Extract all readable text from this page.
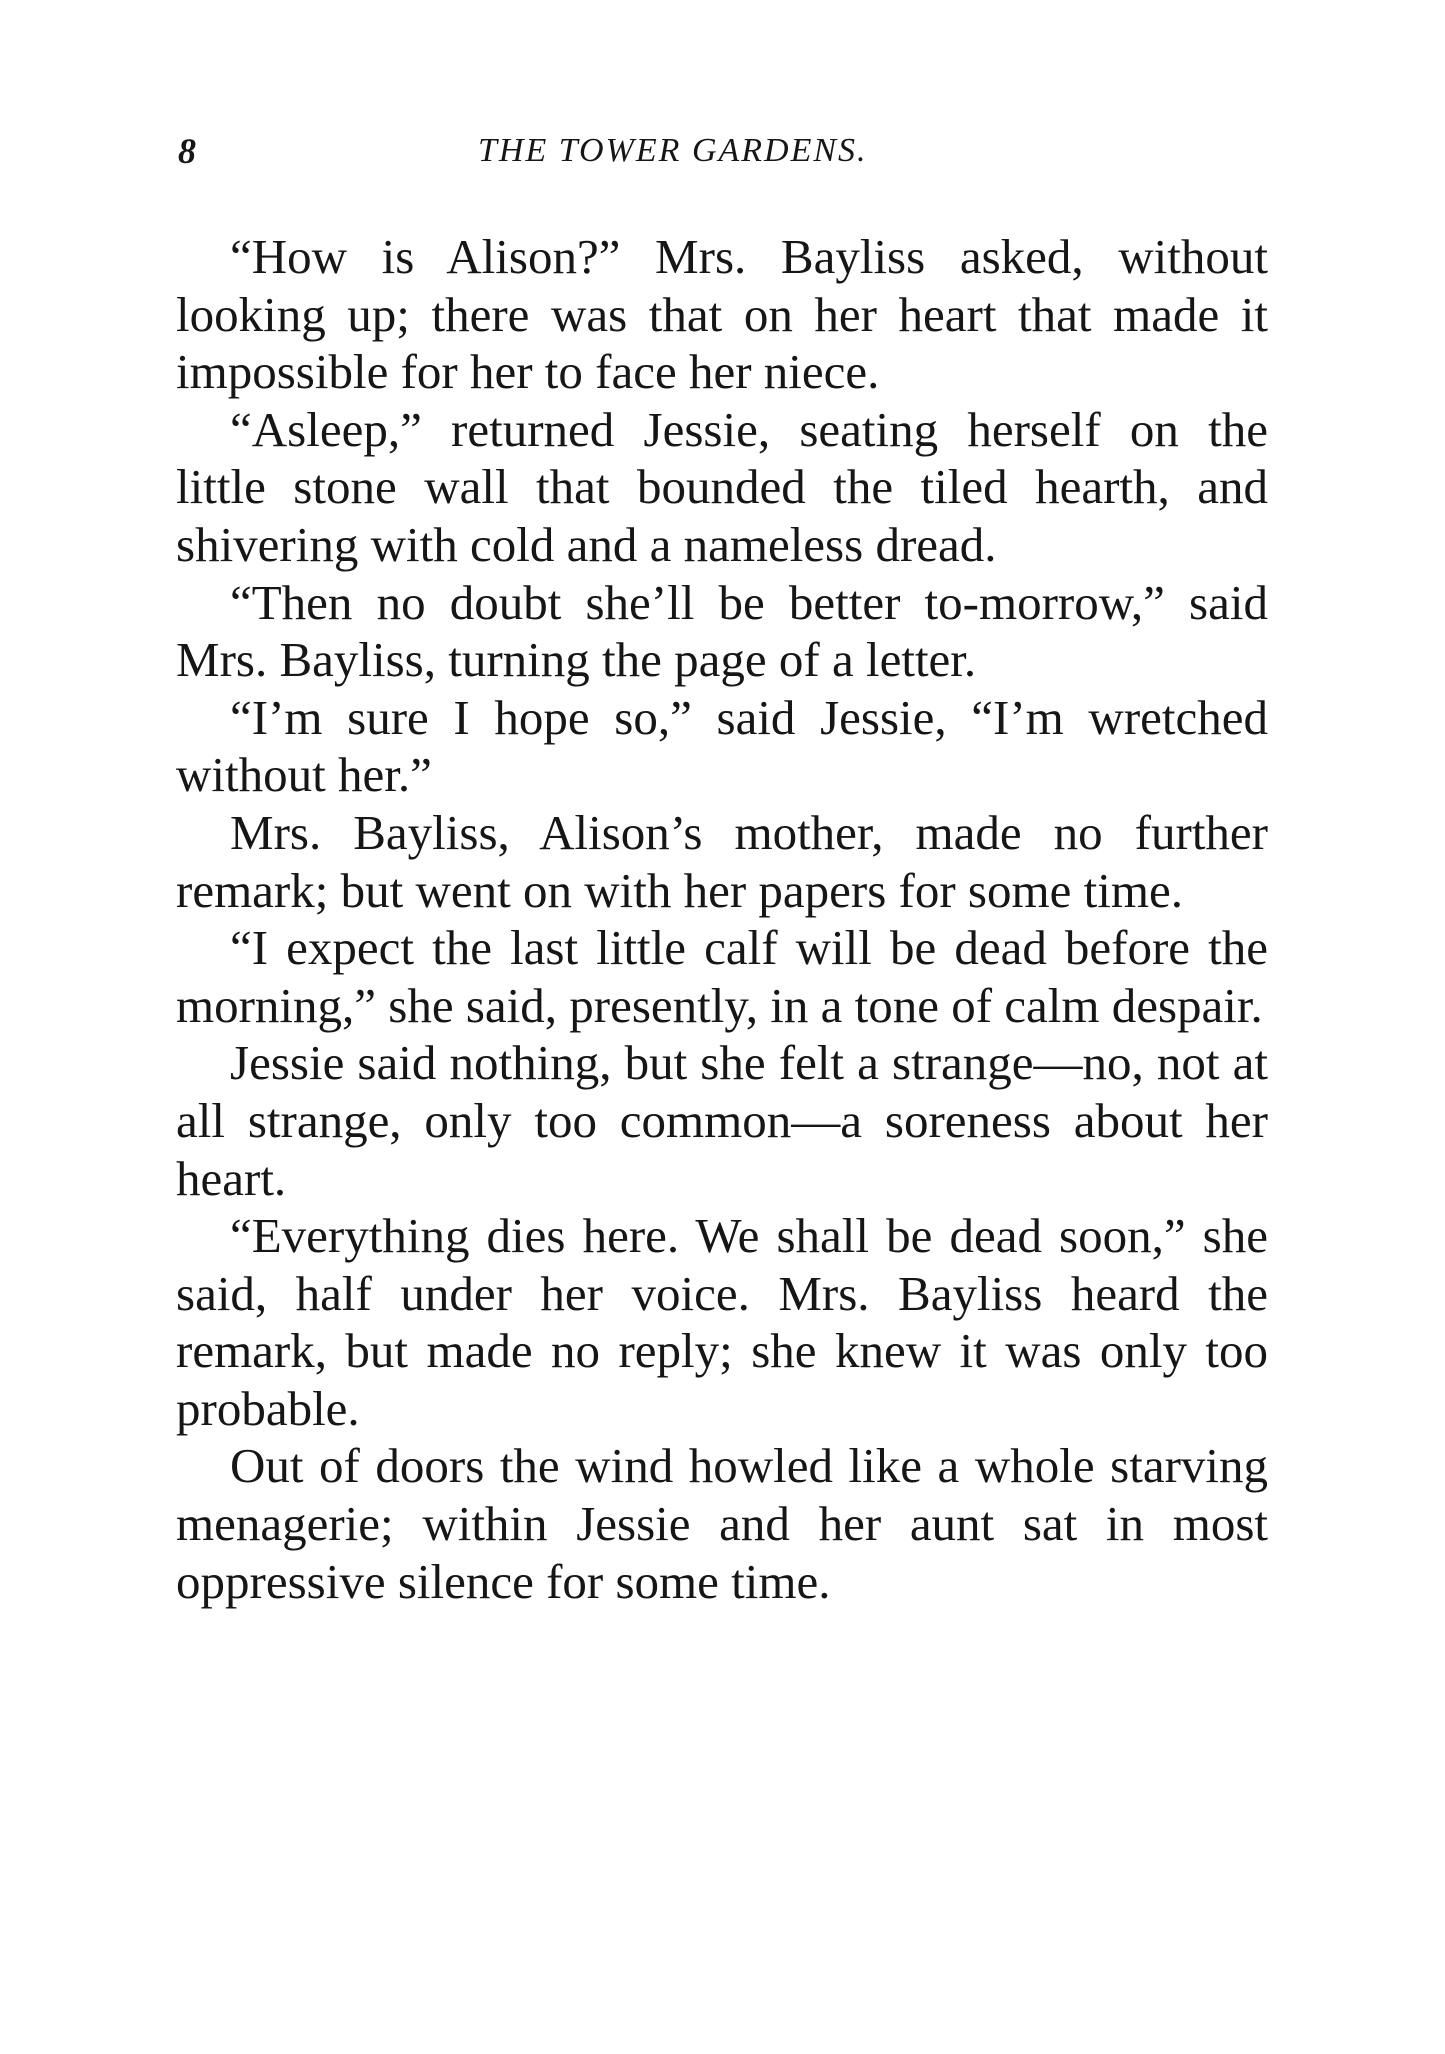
8	THE TOWER GARDENS.

“How is Alison?” Mrs. Bayliss asked, without looking up; there was that on her heart that made it impossible for her to face her niece.

“Asleep,” returned Jessie, seating herself on the little stone wall that bounded the tiled hearth, and shivering with cold and a nameless dread.

“Then no doubt she’ll be better to-morrow,” said Mrs. Bayliss, turning the page of a letter.

“I’m sure I hope so,” said Jessie, “I’m wretched without her.”

Mrs. Bayliss, Alison’s mother, made no further remark; but went on with her papers for some time.

“I expect the last little calf will be dead before the morning,” she said, presently, in a tone of calm despair.

Jessie said nothing, but she felt a strange—no, not at all strange, only too common—a soreness about her heart.

“Everything dies here. We shall be dead soon,” she said, half under her voice. Mrs. Bayliss heard the remark, but made no reply; she knew it was only too probable.

Out of doors the wind howled like a whole starving menagerie; within Jessie and her aunt sat in most oppressive silence for some time.
